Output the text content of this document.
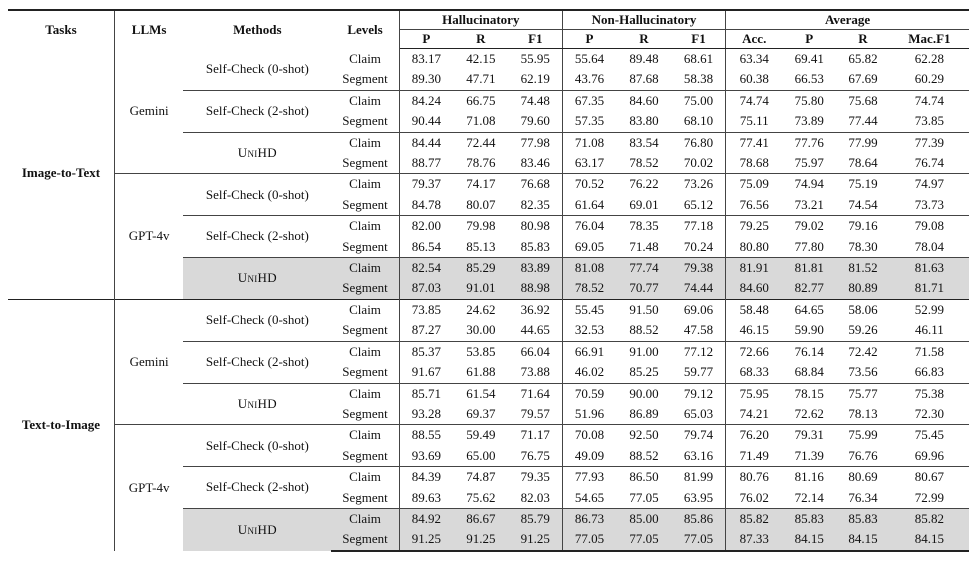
Tasks	LLMs	Methods	Levels	Hallucinatory			Non-Hallucinatory			Average			
				P	R	F1	P	R	F1	Acc.	P	R	Mac.F1
Image-to-Text	Gemini	Self-Check (0-shot)	Claim	83.17	42.15	55.95	55.64	89.48	68.61	63.34	69.41	65.82	62.28
			Segment	89.30	47.71	62.19	43.76	87.68	58.38	60.38	66.53	67.69	60.29
		Self-Check (2-shot)	Claim	84.24	66.75	74.48	67.35	84.60	75.00	74.74	75.80	75.68	74.74
			Segment	90.44	71.08	79.60	57.35	83.80	68.10	75.11	73.89	77.44	73.85
		UniHD	Claim	84.44	72.44	77.98	71.08	83.54	76.80	77.41	77.76	77.99	77.39
			Segment	88.77	78.76	83.46	63.17	78.52	70.02	78.68	75.97	78.64	76.74
	GPT-4v	Self-Check (0-shot)	Claim	79.37	74.17	76.68	70.52	76.22	73.26	75.09	74.94	75.19	74.97
			Segment	84.78	80.07	82.35	61.64	69.01	65.12	76.56	73.21	74.54	73.73
		Self-Check (2-shot)	Claim	82.00	79.98	80.98	76.04	78.35	77.18	79.25	79.02	79.16	79.08
			Segment	86.54	85.13	85.83	69.05	71.48	70.24	80.80	77.80	78.30	78.04
		UniHD	Claim	82.54	85.29	83.89	81.08	77.74	79.38	81.91	81.81	81.52	81.63
			Segment	87.03	91.01	88.98	78.52	70.77	74.44	84.60	82.77	80.89	81.71
Text-to-Image	Gemini	Self-Check (0-shot)	Claim	73.85	24.62	36.92	55.45	91.50	69.06	58.48	64.65	58.06	52.99
			Segment	87.27	30.00	44.65	32.53	88.52	47.58	46.15	59.90	59.26	46.11
		Self-Check (2-shot)	Claim	85.37	53.85	66.04	66.91	91.00	77.12	72.66	76.14	72.42	71.58
			Segment	91.67	61.88	73.88	46.02	85.25	59.77	68.33	68.84	73.56	66.83
		UniHD	Claim	85.71	61.54	71.64	70.59	90.00	79.12	75.95	78.15	75.77	75.38
			Segment	93.28	69.37	79.57	51.96	86.89	65.03	74.21	72.62	78.13	72.30
	GPT-4v	Self-Check (0-shot)	Claim	88.55	59.49	71.17	70.08	92.50	79.74	76.20	79.31	75.99	75.45
			Segment	93.69	65.00	76.75	49.09	88.52	63.16	71.49	71.39	76.76	69.96
		Self-Check (2-shot)	Claim	84.39	74.87	79.35	77.93	86.50	81.99	80.76	81.16	80.69	80.67
			Segment	89.63	75.62	82.03	54.65	77.05	63.95	76.02	72.14	76.34	72.99
		UniHD	Claim	84.92	86.67	85.79	86.73	85.00	85.86	85.82	85.83	85.83	85.82
			Segment	91.25	91.25	91.25	77.05	77.05	77.05	87.33	84.15	84.15	84.15
